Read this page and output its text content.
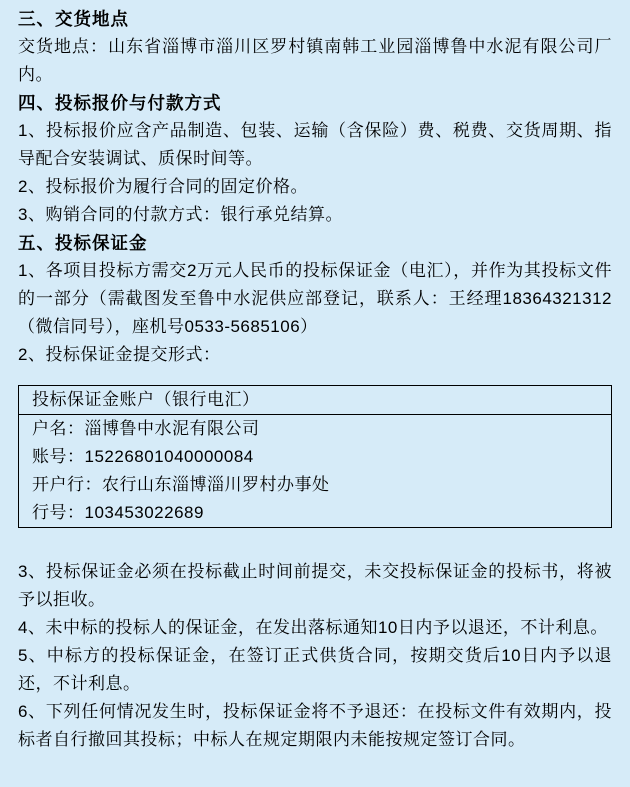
三、交货地点

交货地点：山东省淄博市淄川区罗村镇南韩工业园淄博鲁中水泥有限公司厂内。

四、投标报价与付款方式

1、投标报价应含产品制造、包装、运输（含保险）费、税费、交货周期、指导配合安装调试、质保时间等。

2、投标报价为履行合同的固定价格。

3、购销合同的付款方式：银行承兑结算。

五、投标保证金

1、各项目投标方需交2万元人民币的投标保证金（电汇），并作为其投标文件的一部分（需截图发至鲁中水泥供应部登记，联系人：王经理18364321312（微信同号），座机号0533-5685106）

2、投标保证金提交形式：

投标保证金账户（银行电汇）
户名：淄博鲁中水泥有限公司
账号：15226801040000084
开户行：农行山东淄博淄川罗村办事处
行号：103453022689

3、投标保证金必须在投标截止时间前提交，未交投标保证金的投标书，将被予以拒收。

4、未中标的投标人的保证金，在发出落标通知10日内予以退还，不计利息。

5、中标方的投标保证金，在签订正式供货合同，按期交货后10日内予以退还，不计利息。

6、下列任何情况发生时，投标保证金将不予退还：在投标文件有效期内，投标者自行撤回其投标；中标人在规定期限内未能按规定签订合同。
